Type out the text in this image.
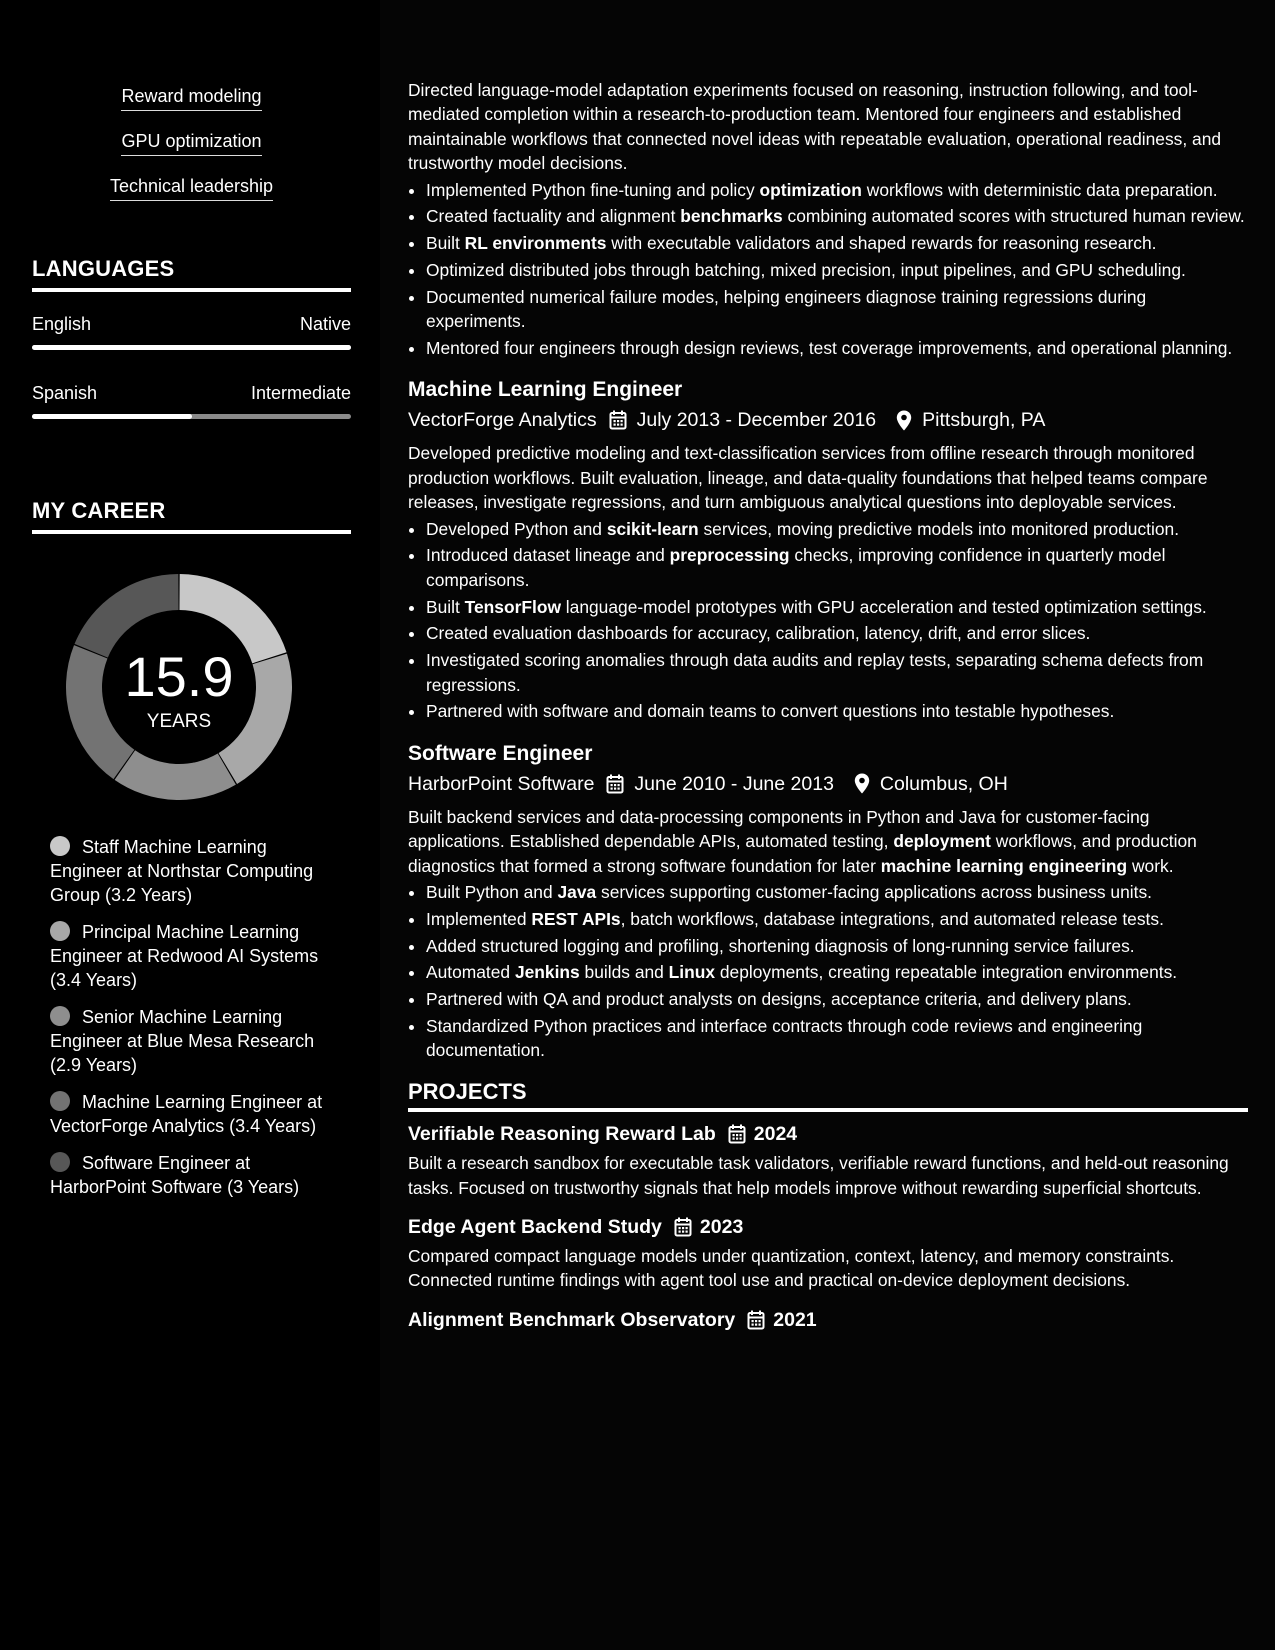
Reward modeling
GPU optimization
Technical leadership
LANGUAGES
English	Native
Spanish	Intermediate
MY CAREER
15.9
YEARS
Staff Machine Learning Engineer at Northstar Computing Group (3.2 Years)
Principal Machine Learning Engineer at Redwood AI Systems (3.4 Years)
Senior Machine Learning Engineer at Blue Mesa Research (2.9 Years)
Machine Learning Engineer at VectorForge Analytics (3.4 Years)
Software Engineer at HarborPoint Software (3 Years)

Directed language-model adaptation experiments focused on reasoning, instruction following, and tool-mediated completion within a research-to-production team. Mentored four engineers and established maintainable workflows that connected novel ideas with repeatable evaluation, operational readiness, and trustworthy model decisions.

• Implemented Python fine-tuning and policy optimization workflows with deterministic data preparation.
• Created factuality and alignment benchmarks combining automated scores with structured human review.
• Built RL environments with executable validators and shaped rewards for reasoning research.
• Optimized distributed jobs through batching, mixed precision, input pipelines, and GPU scheduling.
• Documented numerical failure modes, helping engineers diagnose training regressions during experiments.
• Mentored four engineers through design reviews, test coverage improvements, and operational planning.
Machine Learning Engineer
VectorForge Analytics July 2013 - December 2016 Pittsburgh, PA

Developed predictive modeling and text-classification services from offline research through monitored production workflows. Built evaluation, lineage, and data-quality foundations that helped teams compare releases, investigate regressions, and turn ambiguous analytical questions into deployable services.

• Developed Python and scikit-learn services, moving predictive models into monitored production.
• Introduced dataset lineage and preprocessing checks, improving confidence in quarterly model comparisons.
• Built TensorFlow language-model prototypes with GPU acceleration and tested optimization settings.
• Created evaluation dashboards for accuracy, calibration, latency, drift, and error slices.
• Investigated scoring anomalies through data audits and replay tests, separating schema defects from regressions.
• Partnered with software and domain teams to convert questions into testable hypotheses.
Software Engineer
HarborPoint Software June 2010 - June 2013 Columbus, OH

Built backend services and data-processing components in Python and Java for customer-facing applications. Established dependable APIs, automated testing, deployment workflows, and production diagnostics that formed a strong software foundation for later machine learning engineering work.

• Built Python and Java services supporting customer-facing applications across business units.
• Implemented REST APIs, batch workflows, database integrations, and automated release tests.
• Added structured logging and profiling, shortening diagnosis of long-running service failures.
• Automated Jenkins builds and Linux deployments, creating repeatable integration environments.
• Partnered with QA and product analysts on designs, acceptance criteria, and delivery plans.
• Standardized Python practices and interface contracts through code reviews and engineering documentation.
PROJECTS
Verifiable Reasoning Reward Lab 2024

Built a research sandbox for executable task validators, verifiable reward functions, and held-out reasoning tasks. Focused on trustworthy signals that help models improve without rewarding superficial shortcuts.

Edge Agent Backend Study 2023

Compared compact language models under quantization, context, latency, and memory constraints. Connected runtime findings with agent tool use and practical on-device deployment decisions.

Alignment Benchmark Observatory 2021
